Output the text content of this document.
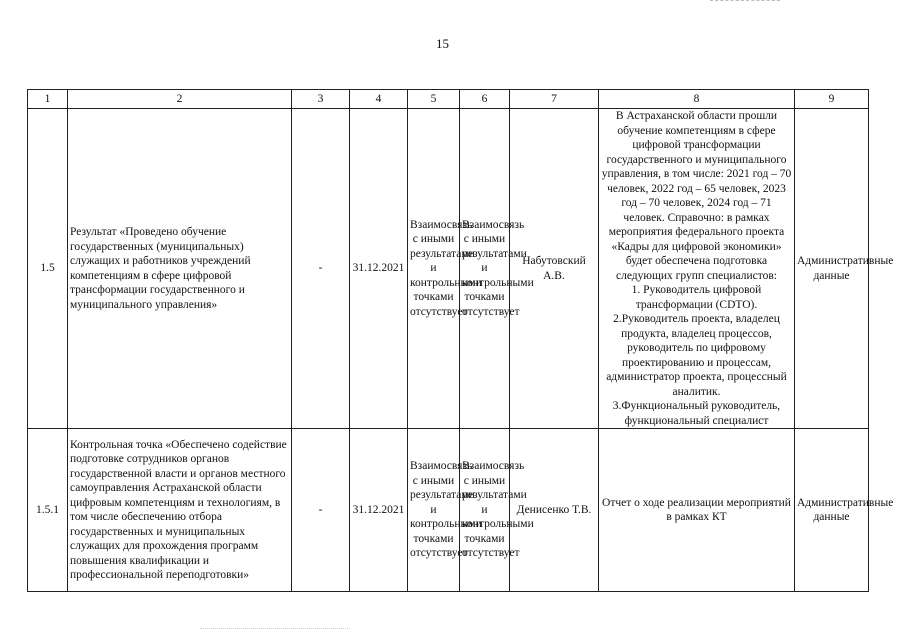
15
1	2	3	4	5	6	7	8	9
1.5	Результат «Проведено обучение государственных (муниципальных) служащих и работников учреждений компетенциям в сфере цифровой трансформации государственного и муниципального управления»	-	31.12.2021	Взаимосвязь с иными результатами и контрольными точками отсутствует	Взаимосвязь с иными результатами и контрольными точками отсутствует	Набутовский А.В.	В Астраханской области прошли обучение компетенциям в сфере цифровой трансформации государственного и муниципального управления, в том числе: 2021 год – 70 человек, 2022 год – 65 человек, 2023 год – 70 человек, 2024 год – 71 человек. Справочно: в рамках мероприятия федерального проекта «Кадры для цифровой экономики» будет обеспечена подготовка следующих групп специалистов:
1. Руководитель цифровой трансформации (CDTO). 2.Руководитель проекта, владелец продукта, владелец процессов, руководитель по цифровому проектированию и процессам, администратор проекта, процессный аналитик.
3.Функциональный руководитель, функциональный специалист	Административные данные
1.5.1	Контрольная точка «Обеспечено содействие подготовке сотрудников органов государственной власти и органов местного самоуправления Астраханской области цифровым компетенциям и технологиям, в том числе обеспечению отбора государственных и муниципальных служащих для прохождения программ повышения квалификации и профессиональной переподготовки»	-	31.12.2021	Взаимосвязь с иными результатами и контрольными точками отсутствует	Взаимосвязь с иными результатами и контрольными точками отсутствует	Денисенко Т.В.	Отчет о ходе реализации мероприятий в рамках КТ	Административные данные
